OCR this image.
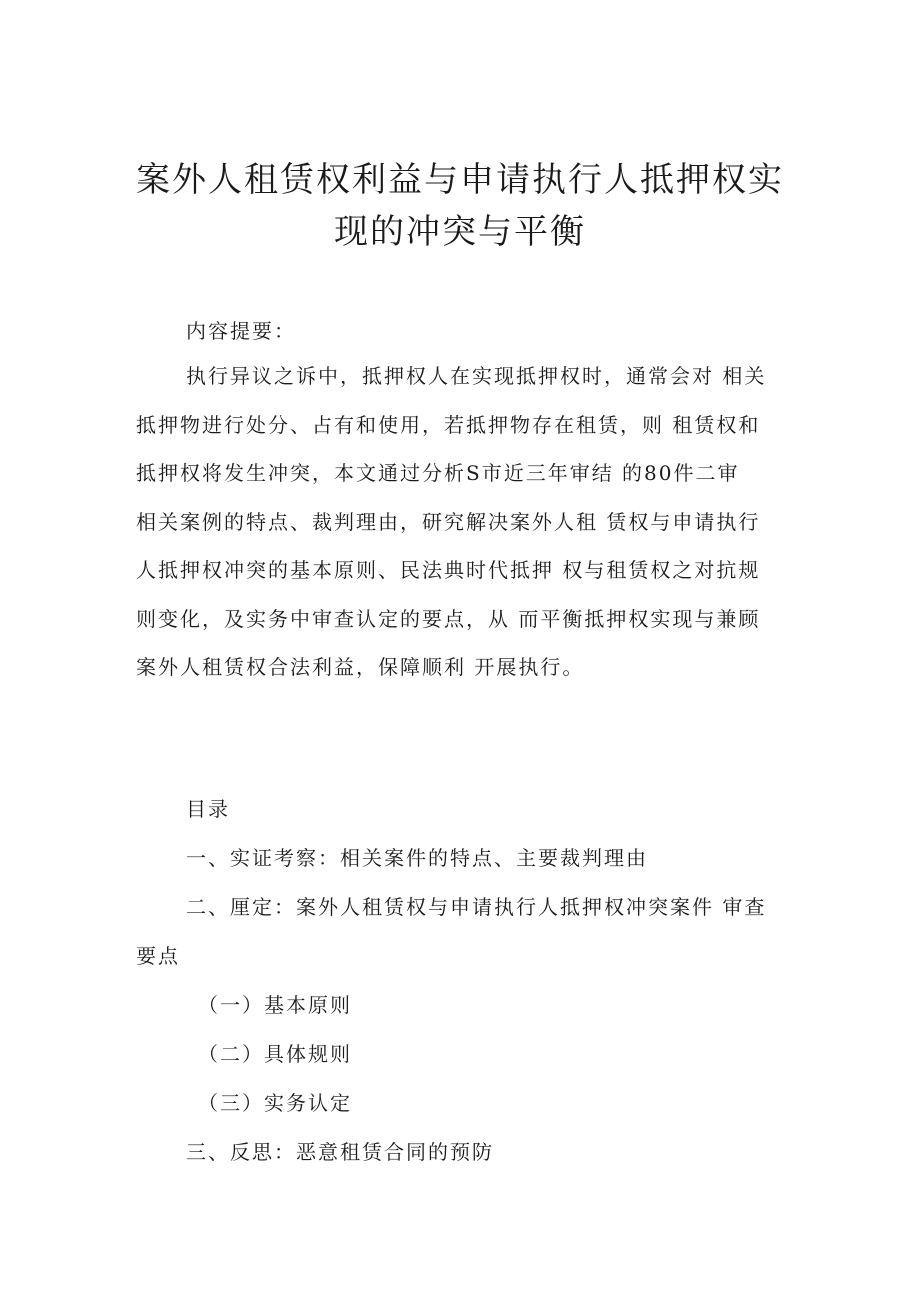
案外人租赁权利益与申请执行人抵押权实
现的冲突与平衡

内容提要：

执行异议之诉中，抵押权人在实现抵押权时，通常会对 相关
抵押物进行处分、占有和使用，若抵押物存在租赁，则 租赁权和
抵押权将发生冲突，本文通过分析S市近三年审结 的80件二审
相关案例的特点、裁判理由，研究解决案外人租 赁权与申请执行
人抵押权冲突的基本原则、民法典时代抵押 权与租赁权之对抗规
则变化，及实务中审查认定的要点，从 而平衡抵押权实现与兼顾
案外人租赁权合法利益，保障顺利 开展执行。

目录

一、实证考察：相关案件的特点、主要裁判理由

二、厘定：案外人租赁权与申请执行人抵押权冲突案件 审查

要点

（一）基本原则

（二）具体规则

（三）实务认定

三、反思：恶意租赁合同的预防
